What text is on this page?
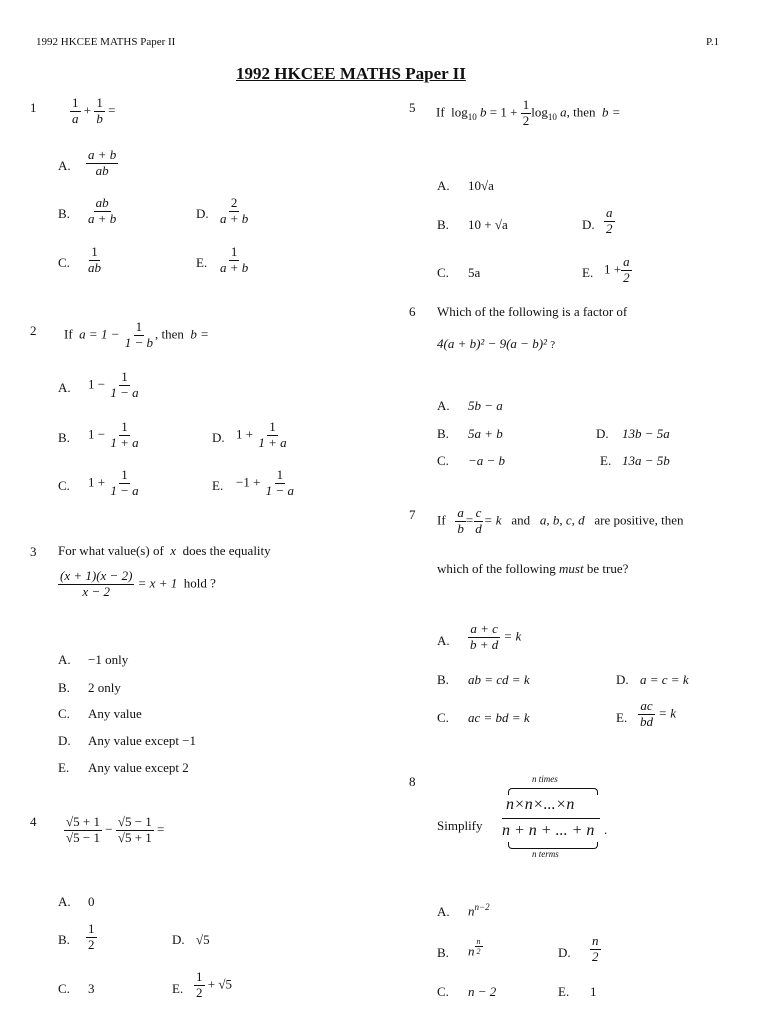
1992 HKCEE MATHS Paper II	P.1
1992 HKCEE MATHS Paper II
1	$\frac{1}{a} + \frac{1}{b}$ =
A. $\frac{a + b}{ab}$
B. $\frac{ab}{a + b}$	D. $\frac{2}{a + b}$
C. $\frac{1}{ab}$	E. $\frac{1}{a + b}$
2 If $a = 1 - \frac{1}{1 - b}$ , then b =
A. $1 - \frac{1}{1 - a}$
B. $1 - \frac{1}{1 + a}$	D. $1 + \frac{1}{1 + a}$
C. $1 + \frac{1}{1 - a}$	E. $-1 + \frac{1}{1 - a}$
3 For what value(s) of x does the equality
$\frac{(x + 1)(x - 2)}{x - 2} = x + 1$ hold ?
A. −1 only
B. 2 only
C. Any value
D. Any value except −1
E. Any value except 2
$4 \frac{√5 + 1}{√5 - 1} - \frac{√5 - 1}{√5 + 1}$ =
A. 0
B. $\frac{1}{2}$	D. √5
C. 3	E. $\frac{1}{2} + √5$
5 If $\log_{10} b = 1 + \frac{1}{2} \log_{10} a$, then b =
A. 10√a
B. 10 + √a	D. $\frac{a}{2}$
C. 5a	E. $1 + \frac{a}{2}$
6 Which of the following is a factor of
4(a + b)² − 9(a − b)² ?
A. 5b − a
B. 5a + b	D. 13b − 5a
C. −a − b	E. 13a − 5b
7 If $\frac{a}{b} = \frac{c}{d} = k$ and a, b, c, d are positive, then
which of the following must be true?
A. $\frac{a + c}{b + d} = k$
B. ab = cd = k	D. a = c = k
C. ac = bd = k	E. $\frac{ac}{bd} = k$
8
Simplify
n times
n×n×...×n
n + n + ... + n .
n terms
A. $n^{n-2}$
B. n $\frac{n}{2}$	D. $\frac{n}{2}$
C. n − 2	E. 1
